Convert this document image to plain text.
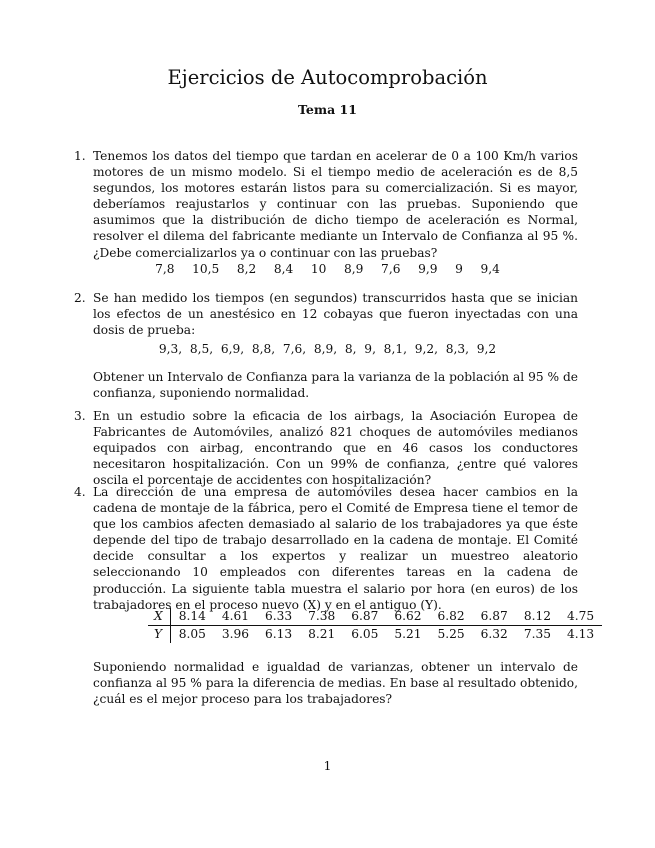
Ejercicios de Autocomprobación
Tema 11
1. Tenemos los datos del tiempo que tardan en acelerar de 0 a 100 Km/h varios motores de un mismo modelo. Si el tiempo medio de aceleración es de 8,5 segundos, los motores estarán listos para su comercialización. Si es mayor, deberíamos reajustarlos y continuar con las pruebas. Suponiendo que asumimos que la distribución de dicho tiempo de aceleración es Normal, resolver el dilema del fabricante mediante un Intervalo de Confianza al 95 %. ¿Debe comercializarlos ya o continuar con las pruebas?

7,8   10,5   8,2   8,4   10   8,9   7,6   9,9   9   9,4
2. Se han medido los tiempos (en segundos) transcurridos hasta que se inician los efectos de un anestésico en 12 cobayas que fueron inyectadas con una dosis de prueba:

9,3,  8,5,  6,9,  8,8,  7,6,  8,9,  8,  9,  8,1,  9,2,  8,3,  9,2

Obtener un Intervalo de Confianza para la varianza de la población al 95 % de confianza, suponiendo normalidad.

3. En un estudio sobre la eficacia de los airbags, la Asociación Europea de Fabricantes de Automóviles, analizó 821 choques de automóviles medianos equipados con airbag, encontrando que en 46 casos los conductores necesitaron hospitalización. Con un 99% de confianza, ¿entre qué valores oscila el porcentaje de accidentes con hospitalización?

4. La dirección de una empresa de automóviles desea hacer cambios en la cadena de montaje de la fábrica, pero el Comité de Empresa tiene el temor de que los cambios afecten demasiado al salario de los trabajadores ya que éste depende del tipo de trabajo desarrollado en la cadena de montaje. El Comité decide consultar a los expertos y realizar un muestreo aleatorio seleccionando 10 empleados con diferentes tareas en la cadena de producción. La siguiente tabla muestra el salario por hora (en euros) de los trabajadores en el proceso nuevo (X) y en el antiguo (Y).

X	8.14	4.61	6.33	7.38	6.87	6.62	6.82	6.87	8.12	4.75
Y	8.05	3.96	6.13	8.21	6.05	5.21	5.25	6.32	7.35	4.13

Suponiendo normalidad e igualdad de varianzas, obtener un intervalo de confianza al 95 % para la diferencia de medias. En base al resultado obtenido, ¿cuál es el mejor proceso para los trabajadores?

1
